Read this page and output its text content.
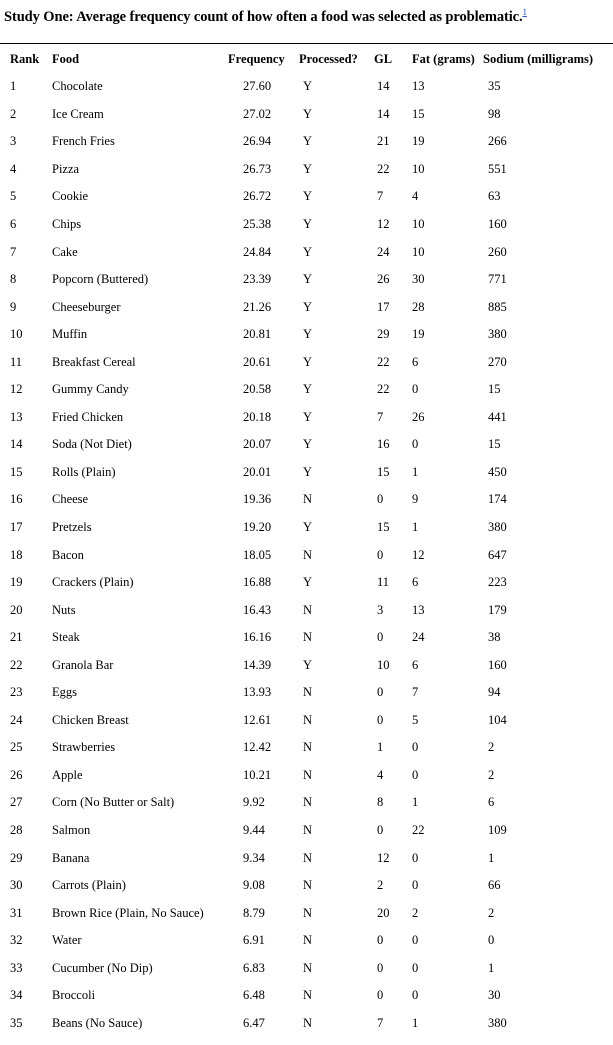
Study One: Average frequency count of how often a food was selected as problematic.$^1$
Rank	Food	Frequency	Processed?	GL	Fat (grams)	Sodium (milligrams)
1	Chocolate	27.60	Y	14	13	35
2	Ice Cream	27.02	Y	14	15	98
3	French Fries	26.94	Y	21	19	266
4	Pizza	26.73	Y	22	10	551
5	Cookie	26.72	Y	7	4	63
6	Chips	25.38	Y	12	10	160
7	Cake	24.84	Y	24	10	260
8	Popcorn (Buttered)	23.39	Y	26	30	771
9	Cheeseburger	21.26	Y	17	28	885
10	Muffin	20.81	Y	29	19	380
11	Breakfast Cereal	20.61	Y	22	6	270
12	Gummy Candy	20.58	Y	22	0	15
13	Fried Chicken	20.18	Y	7	26	441
14	Soda (Not Diet)	20.07	Y	16	0	15
15	Rolls (Plain)	20.01	Y	15	1	450
16	Cheese	19.36	N	0	9	174
17	Pretzels	19.20	Y	15	1	380
18	Bacon	18.05	N	0	12	647
19	Crackers (Plain)	16.88	Y	11	6	223
20	Nuts	16.43	N	3	13	179
21	Steak	16.16	N	0	24	38
22	Granola Bar	14.39	Y	10	6	160
23	Eggs	13.93	N	0	7	94
24	Chicken Breast	12.61	N	0	5	104
25	Strawberries	12.42	N	1	0	2
26	Apple	10.21	N	4	0	2
27	Corn (No Butter or Salt)	9.92	N	8	1	6
28	Salmon	9.44	N	0	22	109
29	Banana	9.34	N	12	0	1
30	Carrots (Plain)	9.08	N	2	0	66
31	Brown Rice (Plain, No Sauce)	8.79	N	20	2	2
32	Water	6.91	N	0	0	0
33	Cucumber (No Dip)	6.83	N	0	0	1
34	Broccoli	6.48	N	0	0	30
35	Beans (No Sauce)	6.47	N	7	1	380
